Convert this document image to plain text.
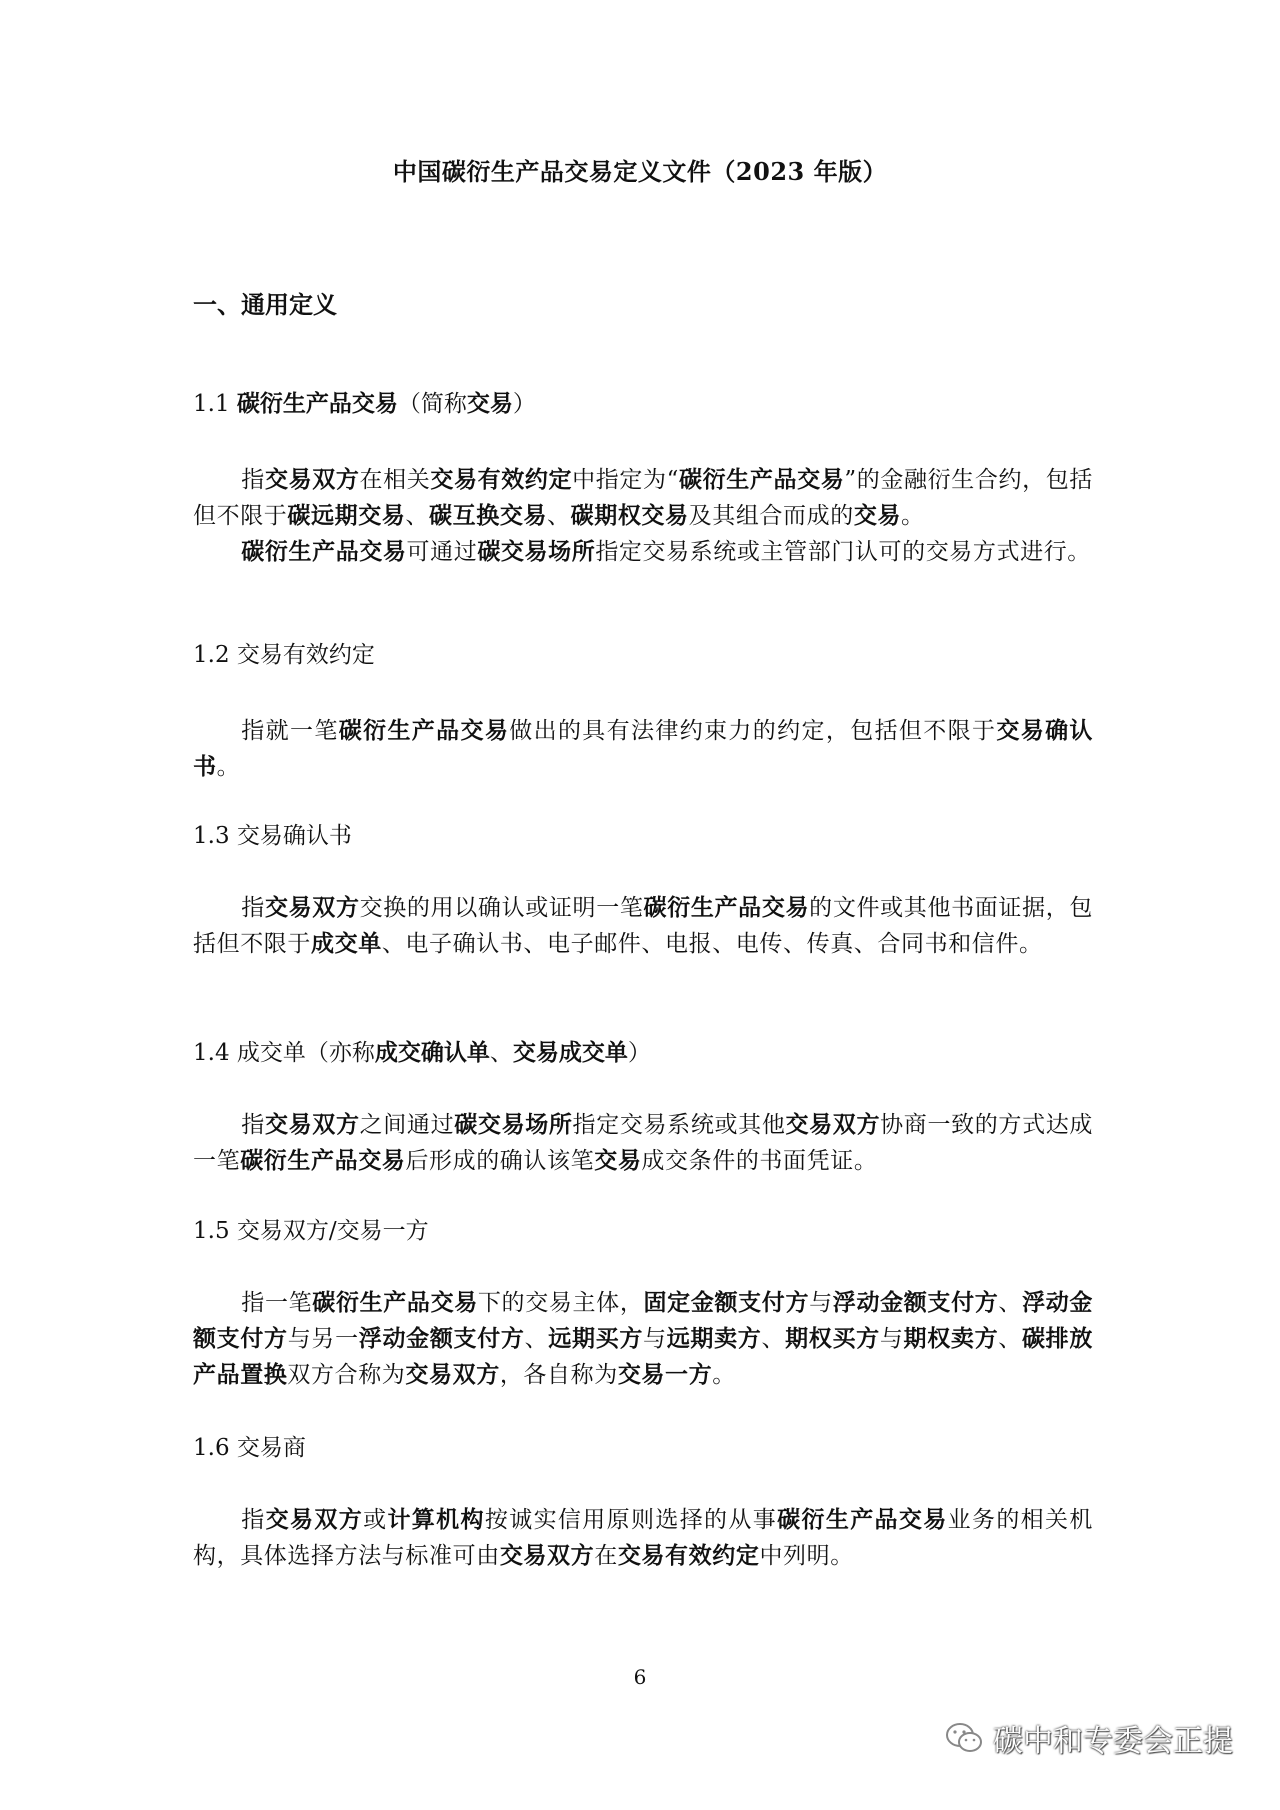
中国碳衍生产品交易定义文件（2023 年版）
一、通用定义
1.1 碳衍生产品交易（简称交易）
指交易双方在相关交易有效约定中指定为“碳衍生产品交易”的金融衍生合约，包括但不限于碳远期交易、碳互换交易、碳期权交易及其组合而成的交易。
碳衍生产品交易可通过碳交易场所指定交易系统或主管部门认可的交易方式进行。
1.2 交易有效约定
指就一笔碳衍生产品交易做出的具有法律约束力的约定，包括但不限于交易确认书。
1.3 交易确认书
指交易双方交换的用以确认或证明一笔碳衍生产品交易的文件或其他书面证据，包括但不限于成交单、电子确认书、电子邮件、电报、电传、传真、合同书和信件。
1.4 成交单（亦称成交确认单、交易成交单）
指交易双方之间通过碳交易场所指定交易系统或其他交易双方协商一致的方式达成一笔碳衍生产品交易后形成的确认该笔交易成交条件的书面凭证。
1.5 交易双方/交易一方
指一笔碳衍生产品交易下的交易主体，固定金额支付方与浮动金额支付方、浮动金额支付方与另一浮动金额支付方、远期买方与远期卖方、期权买方与期权卖方、碳排放产品置换双方合称为交易双方，各自称为交易一方。
1.6 交易商
指交易双方或计算机构按诚实信用原则选择的从事碳衍生产品交易业务的相关机构，具体选择方法与标准可由交易双方在交易有效约定中列明。
6
碳中和专委会正提
